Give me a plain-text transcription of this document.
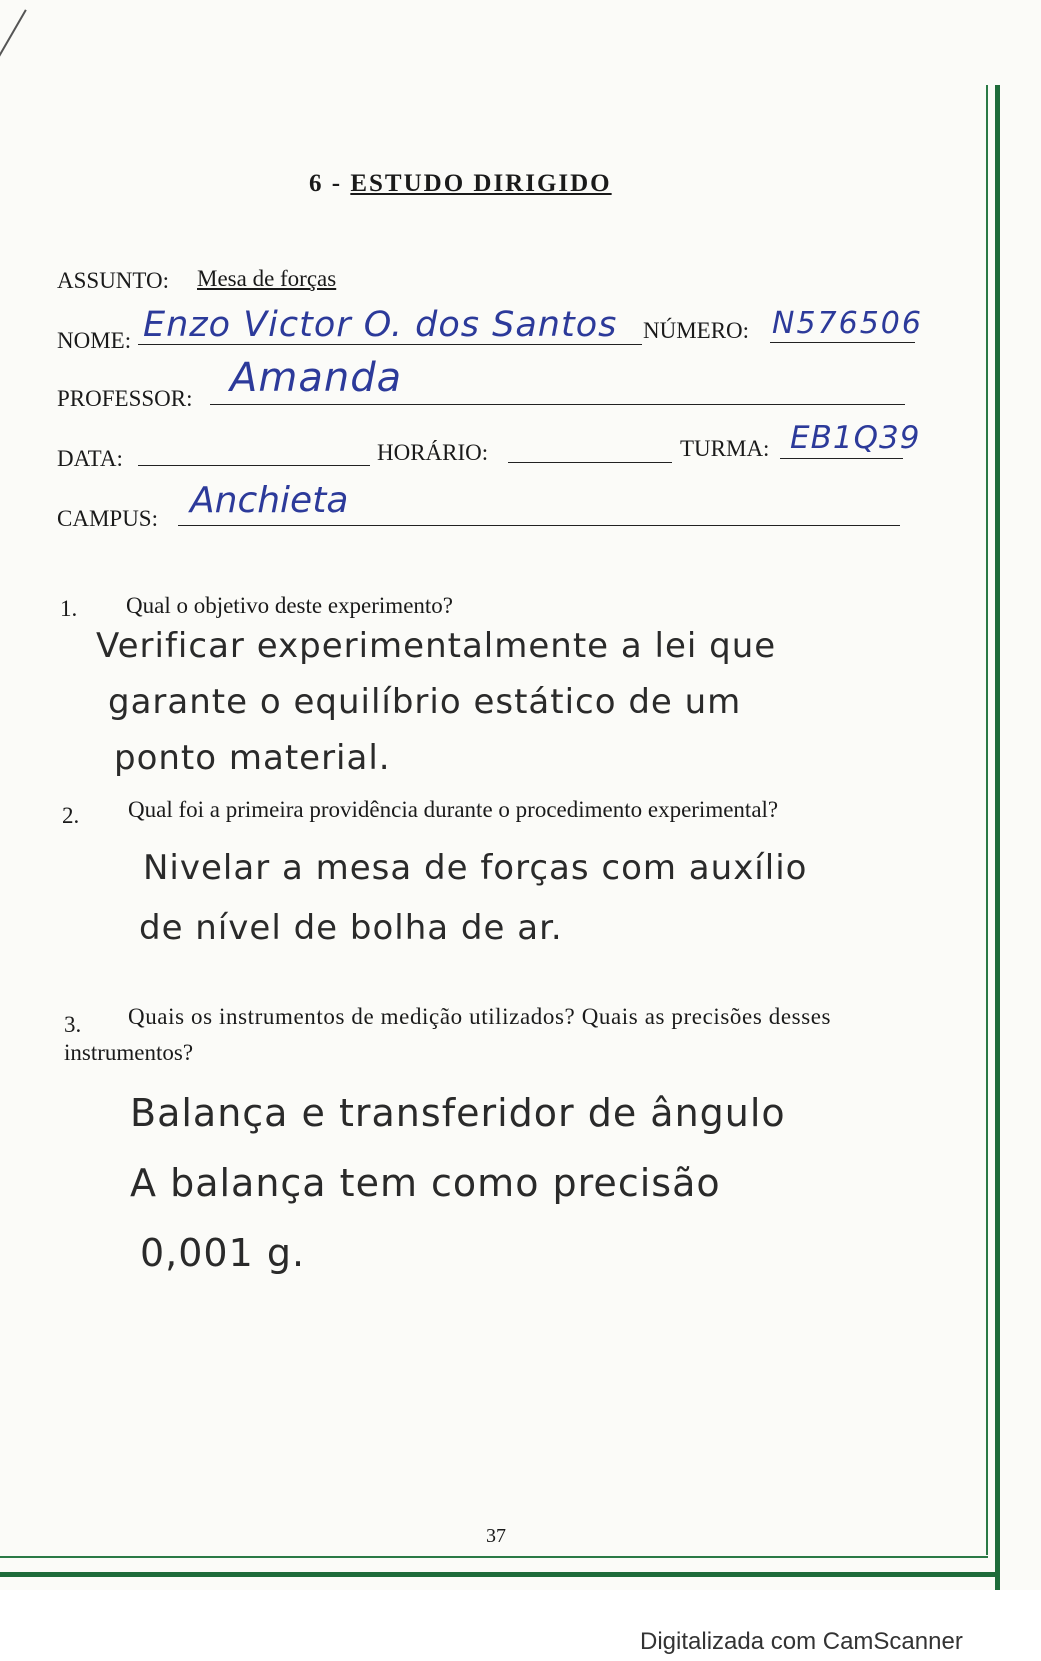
6 - ESTUDO DIRIGIDO
ASSUNTO: Mesa de forças
NOME: Enzo Victor O. dos Santos NÚMERO: N576506
PROFESSOR: Amanda
DATA:	HORÁRIO:	TURMA: EB1Q39
CAMPUS: Anchieta
1. Qual o objetivo deste experimento?
Verificar experimentalmente a lei que
garante o equilíbrio estático de um
ponto material.
2. Qual foi a primeira providência durante o procedimento experimental?
Nivelar a mesa de forças com auxílio
de nível de bolha de ar.
3. Quais os instrumentos de medição utilizados? Quais as precisões desses
instrumentos?
Balança e transferidor de ângulo
A balança tem como precisão
0,001 g.
37
Digitalizada com CamScanner
